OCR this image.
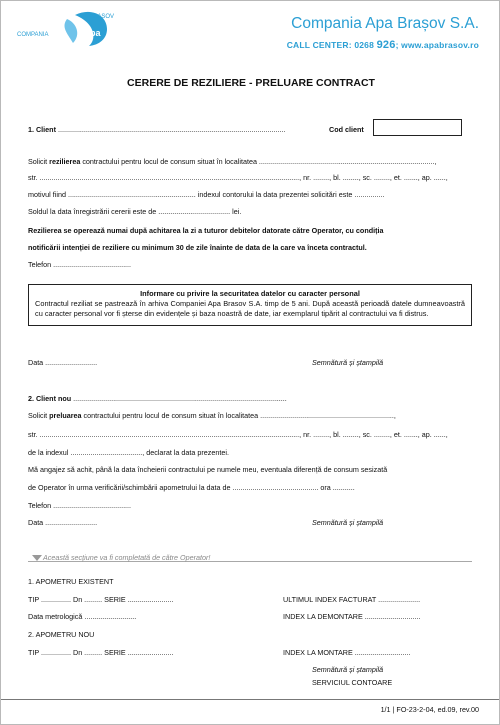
BRASOV
COMPANIA	apa
Compania Apa Brașov S.A.
CALL CENTER: 0268 926; www.apabrasov.ro
CERERE DE REZILIERE - PRELUARE CONTRACT
1. Client ..................................................................................................................	Cod client
Solicit rezilierea contractului pentru locul de consum situat în localitatea ........................................................................................,
str. .................................................................................................................................., nr. ........, bl. ........, sc. ........, et. ......., ap. ......,
motivul fiind ................................................................ indexul contorului la data prezentei solicitări este ...............
Soldul la data înregistrării cererii este de .................................... lei.
Rezilierea se operează numai după achitarea la zi a tuturor debitelor datorate către Operator, cu condiția
notificării intenției de reziliere cu minimum 30 de zile înainte de data de la care va înceta contractul.
Telefon .......................................
Informare cu privire la securitatea datelor cu caracter personal
Contractul reziliat se pastrează în arhiva Companiei Apa Brasov S.A. timp de 5 ani. După această perioadă datele dumneavoastră cu caracter personal vor fi șterse din evidențele și baza noastră de date, iar exemplarul tipărit al contractului va fi distrus.
Data ..........................	Semnătură și ștampilă
2. Client nou ...........................................................................................................
Solicit preluarea contractului pentru locul de consum situat în localitatea ...................................................................,
str. .................................................................................................................................., nr. ........, bl. ........, sc. ........, et. ......., ap. ......,
de la indexul ...................................., declarat la data prezentei.
Mă angajez să achit, până la data încheierii contractului pe numele meu, eventuala diferență de consum sesizată
de Operator în urma verificării/schimbării apometrului la data de ........................................... ora ...........
Telefon .......................................
Data ..........................	Semnătură și ștampilă
Această secțiune va fi completată de către Operator!
1. APOMETRU EXISTENT
TIP ............... Dn ......... SERIE .......................	ULTIMUL INDEX FACTURAT .....................
Data metrologică ..........................	INDEX LA DEMONTARE ............................
2. APOMETRU NOU
TIP ............... Dn ......... SERIE .......................	INDEX LA MONTARE ............................
Semnătură și ștampilă
SERVICIUL CONTOARE
1/1 | FO-23-2-04, ed.09, rev.00
